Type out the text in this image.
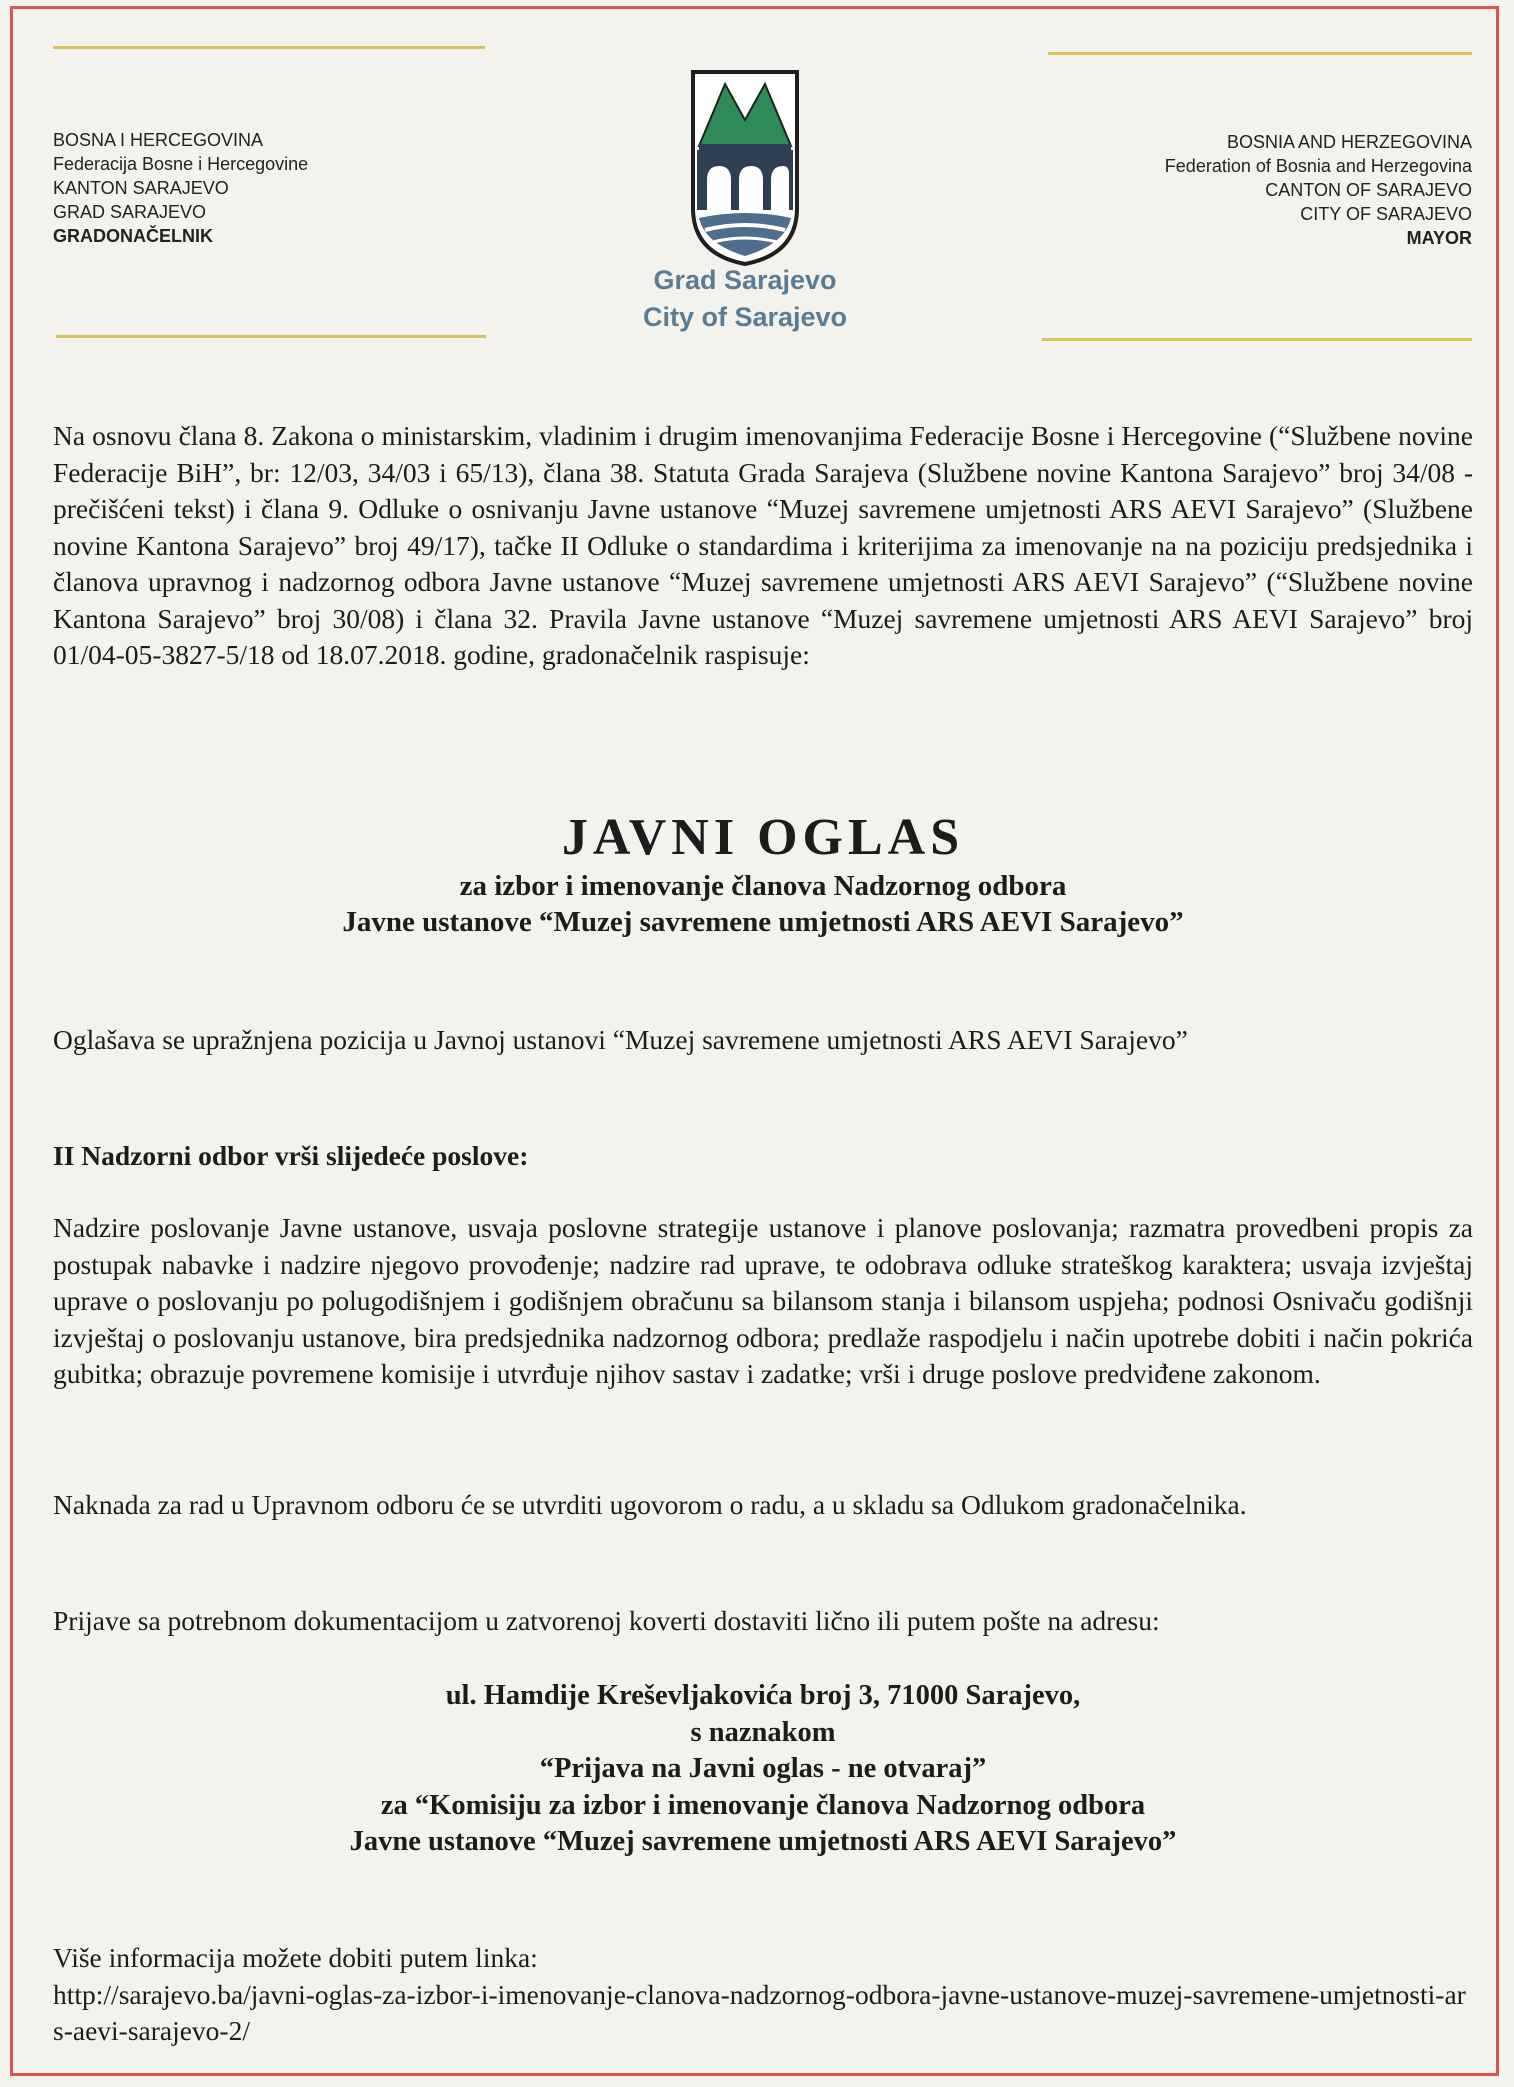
BOSNA I HERCEGOVINA
Federacija Bosne i Hercegovine
KANTON SARAJEVO
GRAD SARAJEVO
GRADONAČELNIK
BOSNIA AND HERZEGOVINA
Federation of Bosnia and Herzegovina
CANTON OF SARAJEVO
CITY OF SARAJEVO
MAYOR
Grad Sarajevo
City of Sarajevo
Na osnovu člana 8. Zakona o ministarskim, vladinim i drugim imenovanjima Federacije Bosne i Hercegovine (“Službene novine Federacije BiH”, br: 12/03, 34/03 i 65/13), člana 38. Statuta Grada Sarajeva (Službene novine Kantona Sarajevo” broj 34/08 - prečišćeni tekst) i člana 9. Odluke o osnivanju Javne ustanove “Muzej savremene umjetnosti ARS AEVI Sarajevo” (Službene novine Kantona Sarajevo” broj 49/17), tačke II Odluke o standardima i kriterijima za imenovanje na na poziciju predsjednika i članova upravnog i nadzornog odbora Javne ustanove “Muzej savremene umjetnosti ARS AEVI Sarajevo” (“Službene novine Kantona Sarajevo” broj 30/08) i člana 32. Pravila Javne ustanove “Muzej savremene umjetnosti ARS AEVI Sarajevo” broj 01/04-05-3827-5/18 od 18.07.2018. godine, gradonačelnik raspisuje:
JAVNI OGLAS
za izbor i imenovanje članova Nadzornog odbora
Javne ustanove “Muzej savremene umjetnosti ARS AEVI Sarajevo”
Oglašava se upražnjena pozicija u Javnoj ustanovi “Muzej savremene umjetnosti ARS AEVI Sarajevo”
II Nadzorni odbor vrši slijedeće poslove:
Nadzire poslovanje Javne ustanove, usvaja poslovne strategije ustanove i planove poslovanja; razmatra provedbeni propis za postupak nabavke i nadzire njegovo provođenje; nadzire rad uprave, te odobrava odluke strateškog karaktera; usvaja izvještaj uprave o poslovanju po polugodišnjem i godišnjem obračunu sa bilansom stanja i bilansom uspjeha; podnosi Osnivaču godišnji izvještaj o poslovanju ustanove, bira predsjednika nadzornog odbora; predlaže raspodjelu i način upotrebe dobiti i način pokrića gubitka; obrazuje povremene komisije i utvrđuje njihov sastav i zadatke; vrši i druge poslove predviđene zakonom.
Naknada za rad u Upravnom odboru će se utvrditi ugovorom o radu, a u skladu sa Odlukom gradonačelnika.
Prijave sa potrebnom dokumentacijom u zatvorenoj koverti dostaviti lično ili putem pošte na adresu:
ul. Hamdije Kreševljakovića broj 3, 71000 Sarajevo,
s naznakom
“Prijava na Javni oglas - ne otvaraj”
za “Komisiju za izbor i imenovanje članova Nadzornog odbora
Javne ustanove “Muzej savremene umjetnosti ARS AEVI Sarajevo”
Više informacija možete dobiti putem linka:
http://sarajevo.ba/javni-oglas-za-izbor-i-imenovanje-clanova-nadzornog-odbora-javne-ustanove-muzej-savremene-umjetnosti-ars-aevi-sarajevo-2/
